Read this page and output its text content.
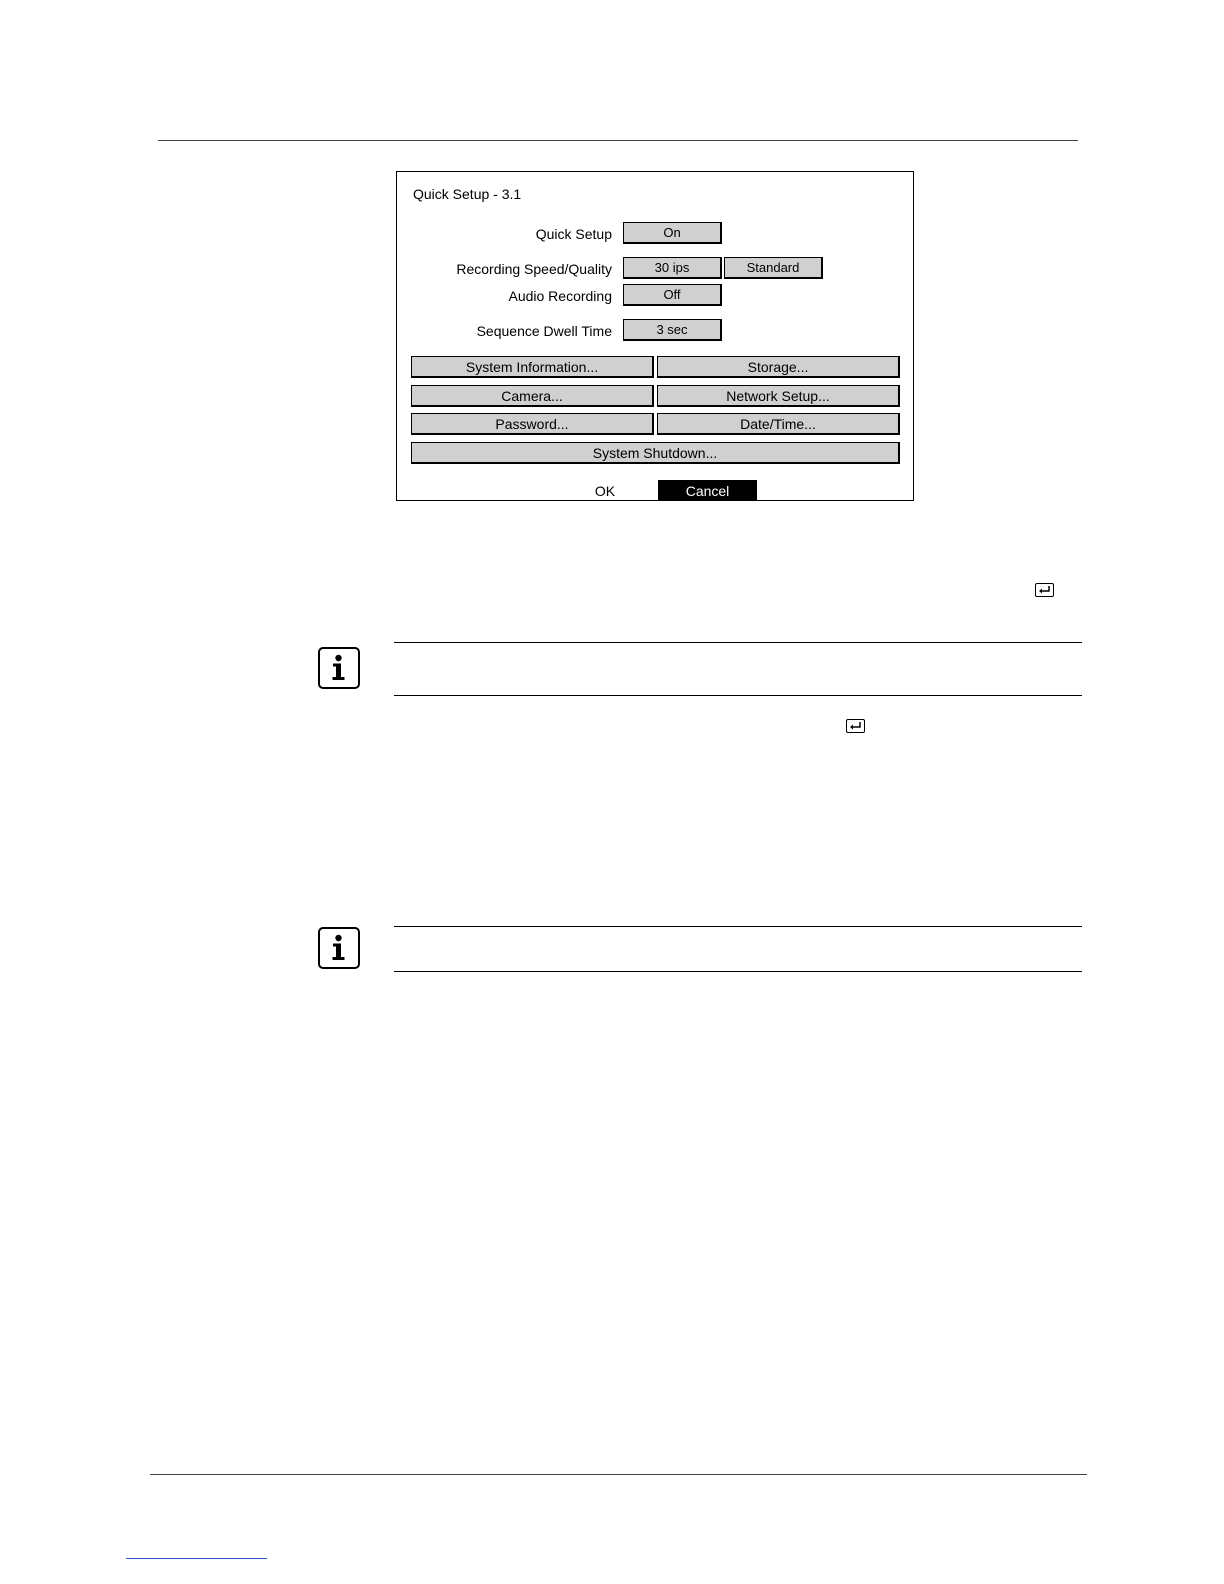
Quick Setup - 3.1
Quick Setup	On
Recording Speed/Quality	30 ips	Standard
Audio Recording	Off
Sequence Dwell Time	3 sec
System Information...	Storage...
Camera...	Network Setup...
Password...	Date/Time...
System Shutdown...
OK	Cancel
